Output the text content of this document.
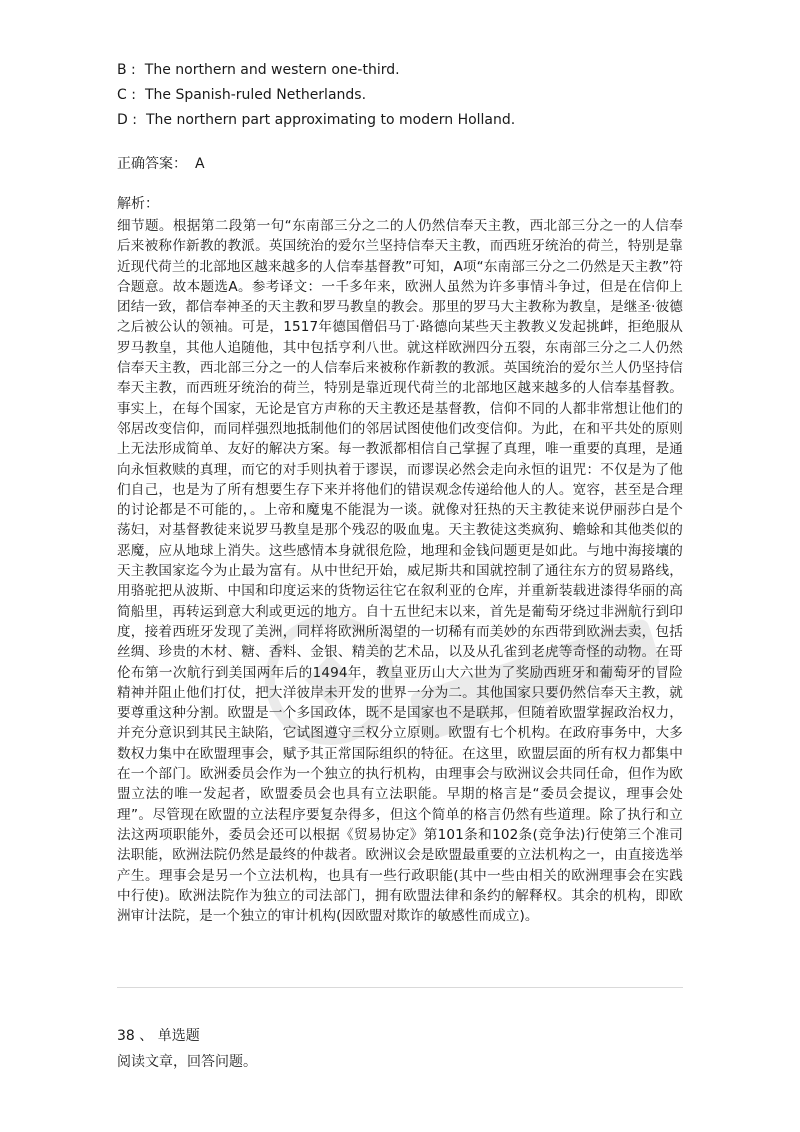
B : The northern and western one-third.
C : The Spanish-ruled Netherlands.
D : The northern part approximating to modern Holland.
正确答案： A
解析：

细节题。根据第二段第一句“东南部三分之二的人仍然信奉天主教，西北部三分之一的人信奉后来被称作新教的教派。英国统治的爱尔兰坚持信奉天主教，而西班牙统治的荷兰，特别是靠近现代荷兰的北部地区越来越多的人信奉基督教”可知，A项“东南部三分之二仍然是天主教”符合题意。故本题选A。参考译文：一千多年来，欧洲人虽然为许多事情斗争过，但是在信仰上团结一致，都信奉神圣的天主教和罗马教皇的教会。那里的罗马大主教称为教皇，是继圣·彼德之后被公认的领袖。可是，1517年德国僧侣马丁·路德向某些天主教教义发起挑衅，拒绝服从罗马教皇，其他人追随他，其中包括亨利八世。就这样欧洲四分五裂，东南部三分之二人仍然信奉天主教，西北部三分之一的人信奉后来被称作新教的教派。英国统治的爱尔兰人仍坚持信奉天主教，而西班牙统治的荷兰，特别是靠近现代荷兰的北部地区越来越多的人信奉基督教。事实上，在每个国家，无论是官方声称的天主教还是基督教，信仰不同的人都非常想让他们的邻居改变信仰，而同样强烈地抵制他们的邻居试图使他们改变信仰。为此，在和平共处的原则上无法形成简单、友好的解决方案。每一教派都相信自己掌握了真理，唯一重要的真理，是通向永恒救赎的真理，而它的对手则执着于谬误，而谬误必然会走向永恒的诅咒：不仅是为了他们自己，也是为了所有想要生存下来并将他们的错误观念传递给他人的人。宽容，甚至是合理的讨论都是不可能的，。上帝和魔鬼不能混为一谈。就像对狂热的天主教徒来说伊丽莎白是个荡妇，对基督教徒来说罗马教皇是那个残忍的吸血鬼。天主教徒这类疯狗、蟾蜍和其他类似的恶魔，应从地球上消失。这些感情本身就很危险，地理和金钱问题更是如此。与地中海接壤的天主教国家迄今为止最为富有。从中世纪开始，威尼斯共和国就控制了通往东方的贸易路线，用骆驼把从波斯、中国和印度运来的货物运往它在叙利亚的仓库，并重新装载进漆得华丽的高简船里，再转运到意大利或更远的地方。自十五世纪末以来，首先是葡萄牙绕过非洲航行到印度，接着西班牙发现了美洲，同样将欧洲所渴望的一切稀有而美妙的东西带到欧洲去卖，包括丝绸、珍贵的木材、糖、香料、金银、精美的艺术品，以及从孔雀到老虎等奇怪的动物。在哥伦布第一次航行到美国两年后的1494年，教皇亚历山大六世为了奖励西班牙和葡萄牙的冒险精神并阻止他们打仗，把大洋彼岸未开发的世界一分为二。其他国家只要仍然信奉天主教，就要尊重这种分割。欧盟是一个多国政体，既不是国家也不是联邦，但随着欧盟掌握政治权力，并充分意识到其民主缺陷，它试图遵守三权分立原则。欧盟有七个机构。在政府事务中，大多数权力集中在欧盟理事会，赋予其正常国际组织的特征。在这里，欧盟层面的所有权力都集中在一个部门。欧洲委员会作为一个独立的执行机构，由理事会与欧洲议会共同任命，但作为欧盟立法的唯一发起者，欧盟委员会也具有立法职能。早期的格言是“委员会提议，理事会处理”。尽管现在欧盟的立法程序要复杂得多，但这个简单的格言仍然有些道理。除了执行和立法这两项职能外，委员会还可以根据《贸易协定》第101条和102条(竞争法)行使第三个准司法职能，欧洲法院仍然是最终的仲裁者。欧洲议会是欧盟最重要的立法机构之一，由直接选举产生。理事会是另一个立法机构，也具有一些行政职能(其中一些由相关的欧洲理事会在实践中行使)。欧洲法院作为独立的司法部门，拥有欧盟法律和条约的解释权。其余的机构，即欧洲审计法院，是一个独立的审计机构(因欧盟对欺诈的敏感性而成立)。

38 、 单选题
阅读文章，回答问题。
